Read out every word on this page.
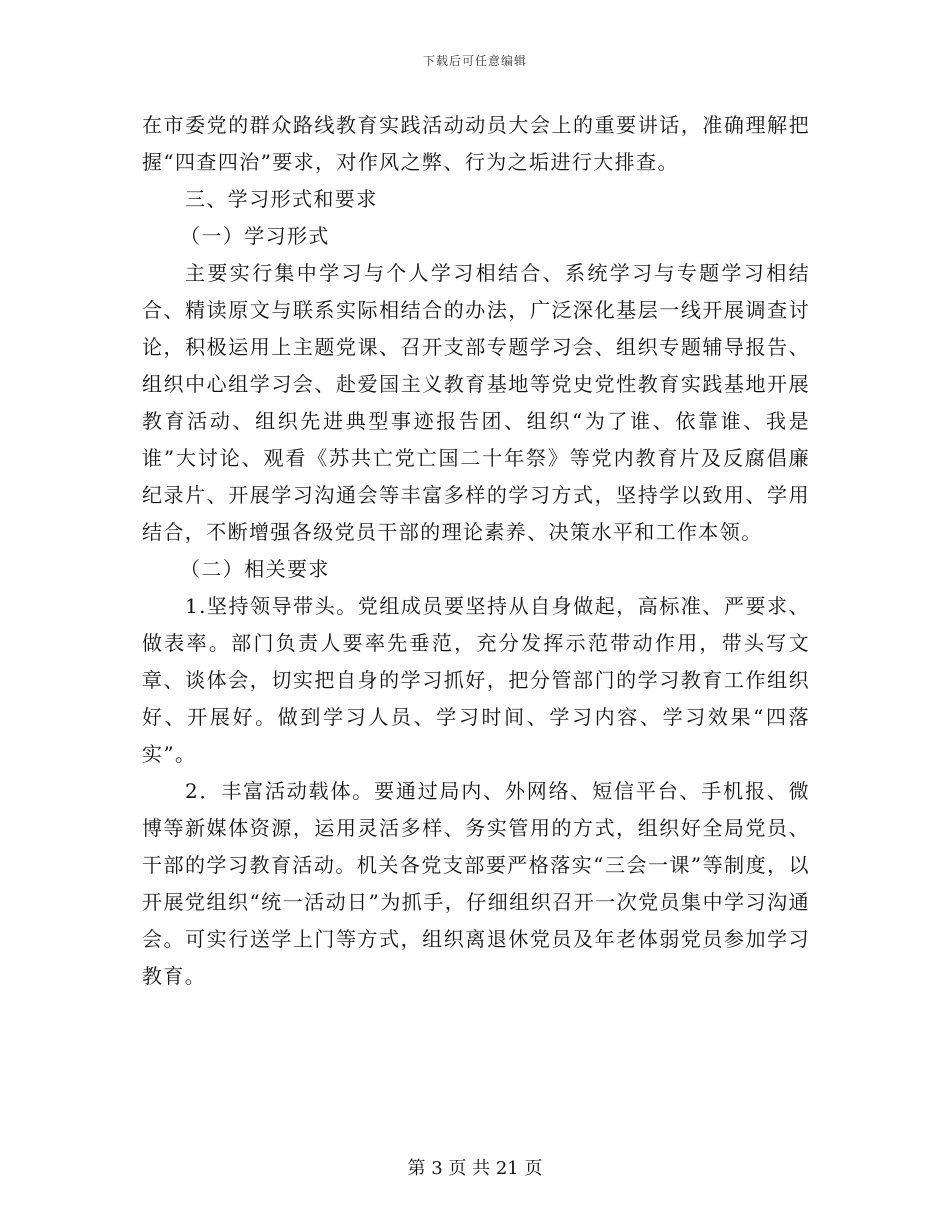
下载后可任意编辑

在市委党的群众路线教育实践活动动员大会上的重要讲话，准确理解把握“四查四治”要求，对作风之弊、行为之垢进行大排查。

三、学习形式和要求

（一）学习形式

主要实行集中学习与个人学习相结合、系统学习与专题学习相结合、精读原文与联系实际相结合的办法，广泛深化基层一线开展调查讨论，积极运用上主题党课、召开支部专题学习会、组织专题辅导报告、组织中心组学习会、赴爱国主义教育基地等党史党性教育实践基地开展教育活动、组织先进典型事迹报告团、组织“为了谁、依靠谁、我是谁”大讨论、观看《苏共亡党亡国二十年祭》等党内教育片及反腐倡廉纪录片、开展学习沟通会等丰富多样的学习方式，坚持学以致用、学用结合，不断增强各级党员干部的理论素养、决策水平和工作本领。

（二）相关要求

1.坚持领导带头。党组成员要坚持从自身做起，高标准、严要求、做表率。部门负责人要率先垂范，充分发挥示范带动作用，带头写文章、谈体会，切实把自身的学习抓好，把分管部门的学习教育工作组织好、开展好。做到学习人员、学习时间、学习内容、学习效果“四落实”。

2．丰富活动载体。要通过局内、外网络、短信平台、手机报、微博等新媒体资源，运用灵活多样、务实管用的方式，组织好全局党员、干部的学习教育活动。机关各党支部要严格落实“三会一课”等制度，以开展党组织“统一活动日”为抓手，仔细组织召开一次党员集中学习沟通会。可实行送学上门等方式，组织离退休党员及年老体弱党员参加学习教育。

第 3 页 共 21 页
